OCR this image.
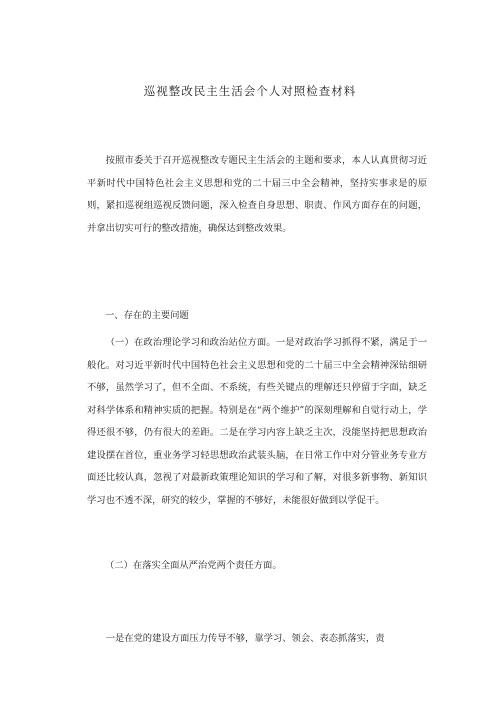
巡视整改民主生活会个人对照检查材料

按照市委关于召开巡视整改专题民主生活会的主题和要求，本人认真贯彻习近平新时代中国特色社会主义思想和党的二十届三中全会精神，坚持实事求是的原则，紧扣巡视组巡视反馈问题，深入检查自身思想、职责、作风方面存在的问题，并拿出切实可行的整改措施，确保达到整改效果。

一、存在的主要问题

（一）在政治理论学习和政治站位方面。一是对政治学习抓得不紧，满足于一般化。对习近平新时代中国特色社会主义思想和党的二十届三中全会精神深钻细研不够，虽然学习了，但不全面、不系统，有些关键点的理解还只停留于字面，缺乏对科学体系和精神实质的把握。特别是在“两个维护”的深刻理解和自觉行动上，学得还很不够，仍有很大的差距。二是在学习内容上缺乏主次，没能坚持把思想政治建设摆在首位，重业务学习轻思想政治武装头脑，在日常工作中对分管业务专业方面还比较认真，忽视了对最新政策理论知识的学习和了解，对很多新事物、新知识学习也不透不深，研究的较少，掌握的不够好，未能很好做到以学促干。

（二）在落实全面从严治党两个责任方面。

一是在党的建设方面压力传导不够，靠学习、领会、表态抓落实，责
